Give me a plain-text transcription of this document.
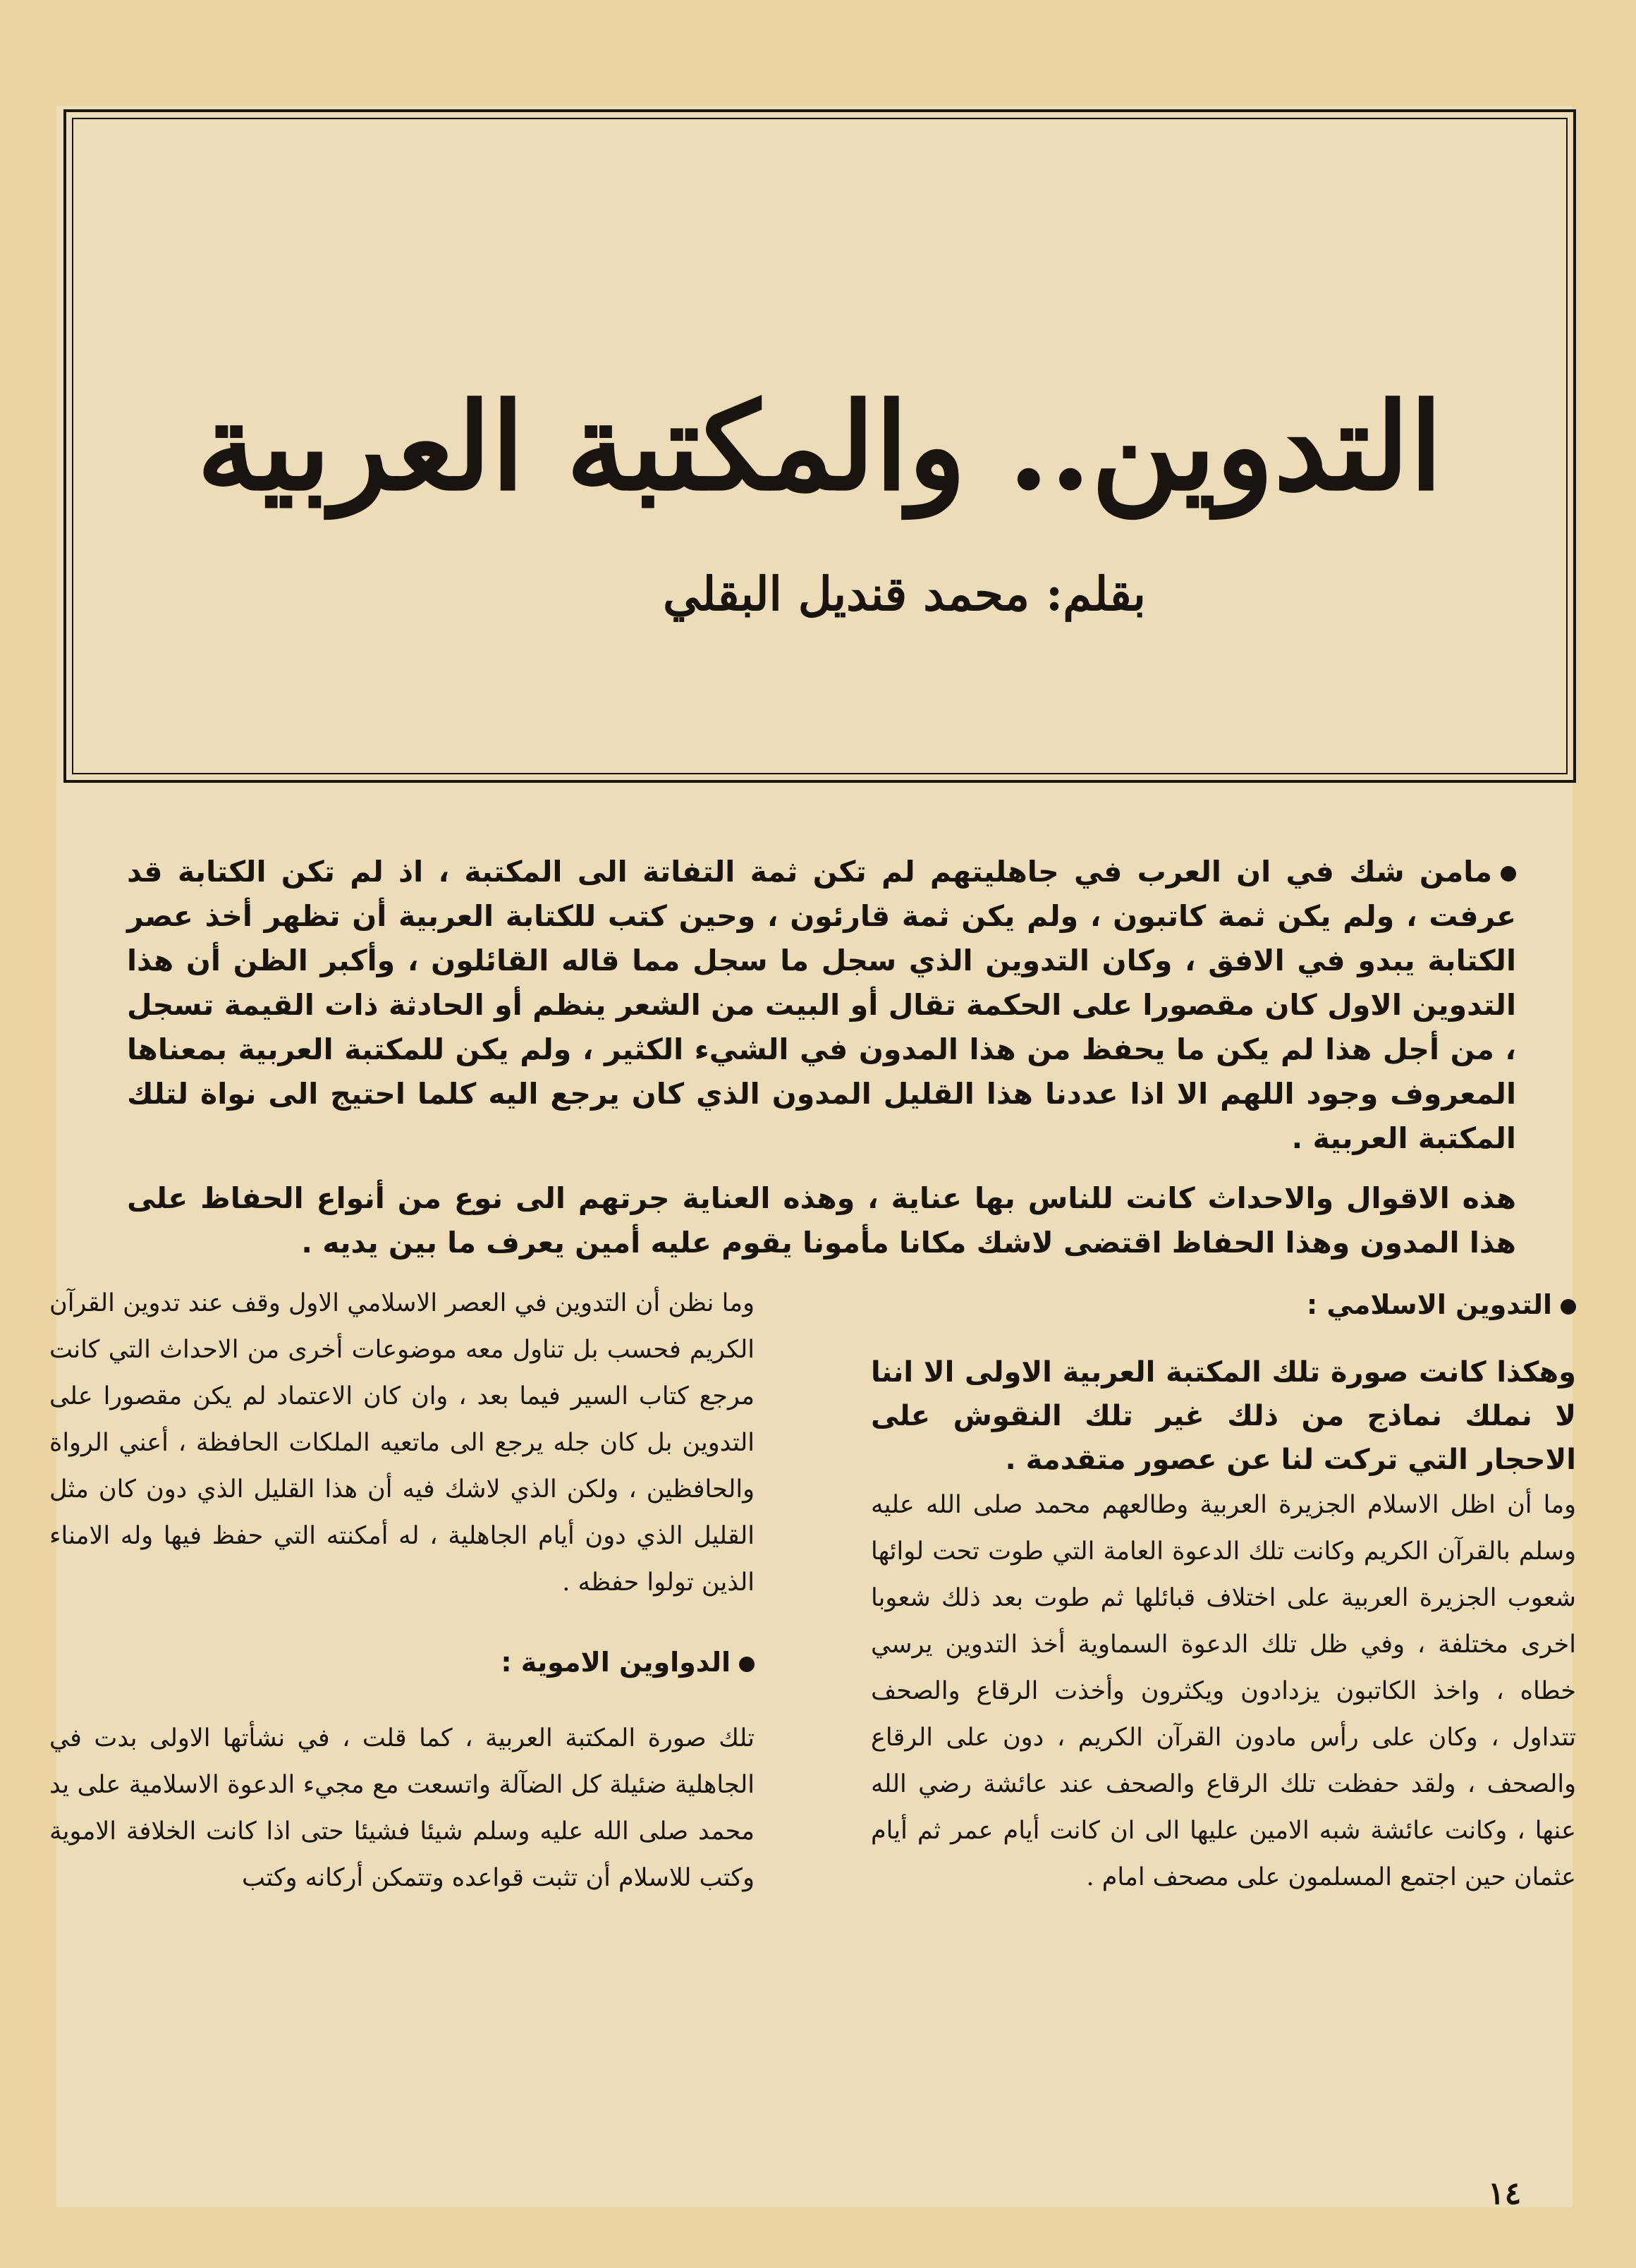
التدوين.. والمكتبة العربية
بقلم: محمد قنديل البقلي

مامن شك في ان العرب في جاهليتهم لم تكن ثمة التفاتة الى المكتبة ، اذ لم تكن الكتابة قد عرفت ، ولم يكن ثمة كاتبون ، ولم يكن ثمة قارئون ، وحين كتب للكتابة العربية أن تظهر أخذ عصر الكتابة يبدو في الافق ، وكان التدوين الذي سجل ما سجل مما قاله القائلون ، وأكبر الظن أن هذا التدوين الاول كان مقصورا على الحكمة تقال أو البيت من الشعر ينظم أو الحادثة ذات القيمة تسجل ، من أجل هذا لم يكن ما يحفظ من هذا المدون في الشيء الكثير ، ولم يكن للمكتبة العربية بمعناها المعروف وجود اللهم الا اذا عددنا هذا القليل المدون الذي كان يرجع اليه كلما احتيج الى نواة لتلك المكتبة العربية .

هذه الاقوال والاحداث كانت للناس بها عناية ، وهذه العناية جرتهم الى نوع من أنواع الحفاظ على هذا المدون وهذا الحفاظ اقتضى لاشك مكانا مأمونا يقوم عليه أمين يعرف ما بين يديه .

التدوين الاسلامي :

وهكذا كانت صورة تلك المكتبة العربية الاولى الا اننا لا نملك نماذج من ذلك غير تلك النقوش على الاحجار التي تركت لنا عن عصور متقدمة .

وما أن اظل الاسلام الجزيرة العربية وطالعهم محمد صلى الله عليه وسلم بالقرآن الكريم وكانت تلك الدعوة العامة التي طوت تحت لوائها شعوب الجزيرة العربية على اختلاف قبائلها ثم طوت بعد ذلك شعوبا اخرى مختلفة ، وفي ظل تلك الدعوة السماوية أخذ التدوين يرسي خطاه ، واخذ الكاتبون يزدادون ويكثرون وأخذت الرقاع والصحف تتداول ، وكان على رأس مادون القرآن الكريم ، دون على الرقاع والصحف ، ولقد حفظت تلك الرقاع والصحف عند عائشة رضي الله عنها ، وكانت عائشة شبه الامين عليها الى ان كانت أيام عمر ثم أيام عثمان حين اجتمع المسلمون على مصحف امام .

وما نظن أن التدوين في العصر الاسلامي الاول وقف عند تدوين القرآن الكريم فحسب بل تناول معه موضوعات أخرى من الاحداث التي كانت مرجع كتاب السير فيما بعد ، وان كان الاعتماد لم يكن مقصورا على التدوين بل كان جله يرجع الى ماتعيه الملكات الحافظة ، أعني الرواة والحافظين ، ولكن الذي لاشك فيه أن هذا القليل الذي دون كان مثل القليل الذي دون أيام الجاهلية ، له أمكنته التي حفظ فيها وله الامناء الذين تولوا حفظه .

الدواوين الاموية :

تلك صورة المكتبة العربية ، كما قلت ، في نشأتها الاولى بدت في الجاهلية ضئيلة كل الضآلة واتسعت مع مجيء الدعوة الاسلامية على يد محمد صلى الله عليه وسلم شيئا فشيئا حتى اذا كانت الخلافة الاموية وكتب للاسلام أن تثبت قواعده وتتمكن أركانه وكتب

١٤
